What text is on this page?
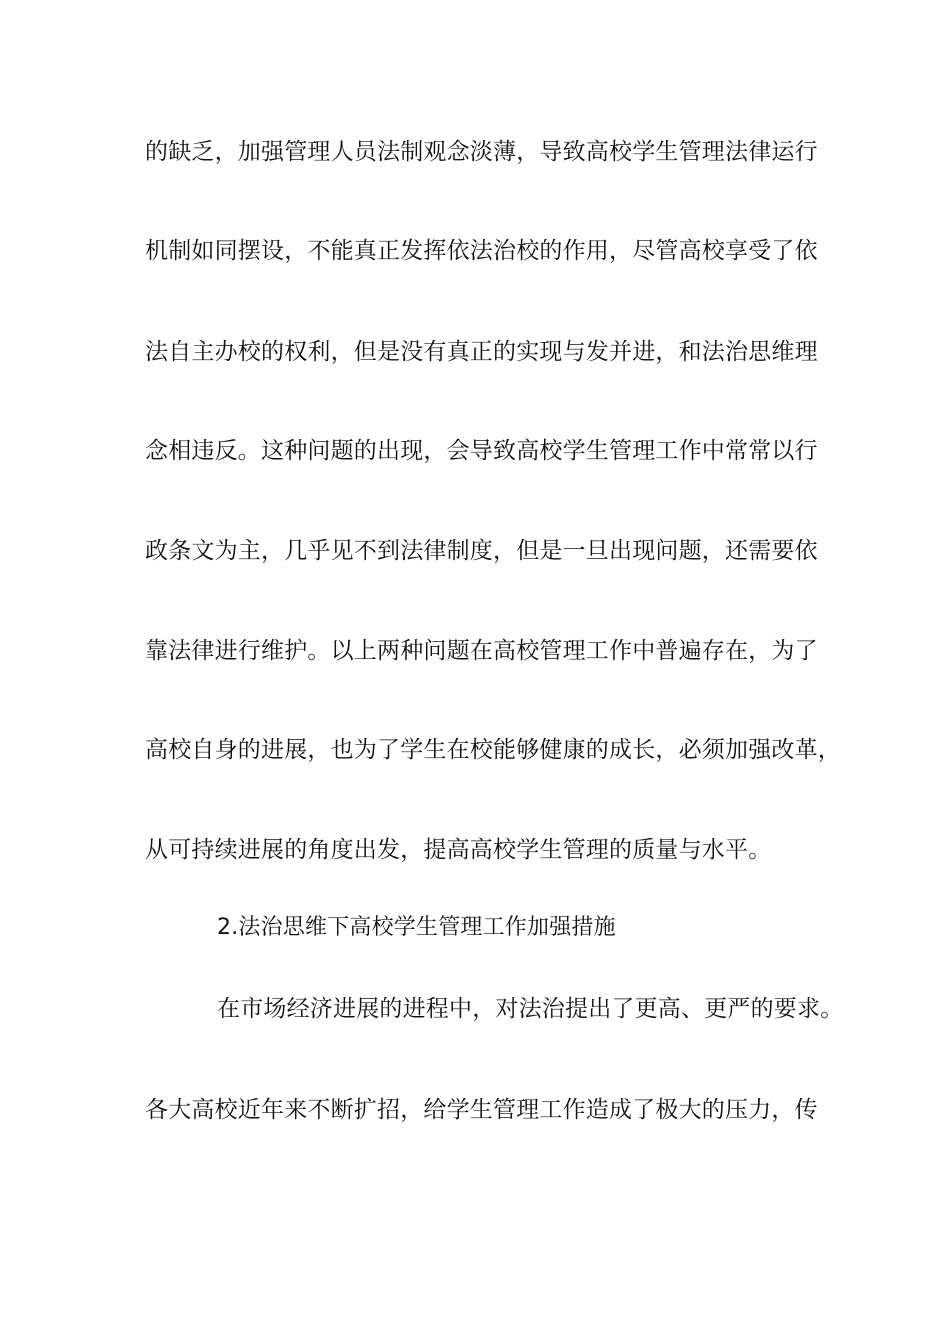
的缺乏，加强管理人员法制观念淡薄，导致高校学生管理法律运行
机制如同摆设，不能真正发挥依法治校的作用，尽管高校享受了依
法自主办校的权利，但是没有真正的实现与发并进，和法治思维理
念相违反。这种问题的出现，会导致高校学生管理工作中常常以行
政条文为主，几乎见不到法律制度，但是一旦出现问题，还需要依
靠法律进行维护。以上两种问题在高校管理工作中普遍存在，为了
高校自身的进展，也为了学生在校能够健康的成长，必须加强改革，
从可持续进展的角度出发，提高高校学生管理的质量与水平。
2.法治思维下高校学生管理工作加强措施
在市场经济进展的进程中，对法治提出了更高、更严的要求。
各大高校近年来不断扩招，给学生管理工作造成了极大的压力，传
